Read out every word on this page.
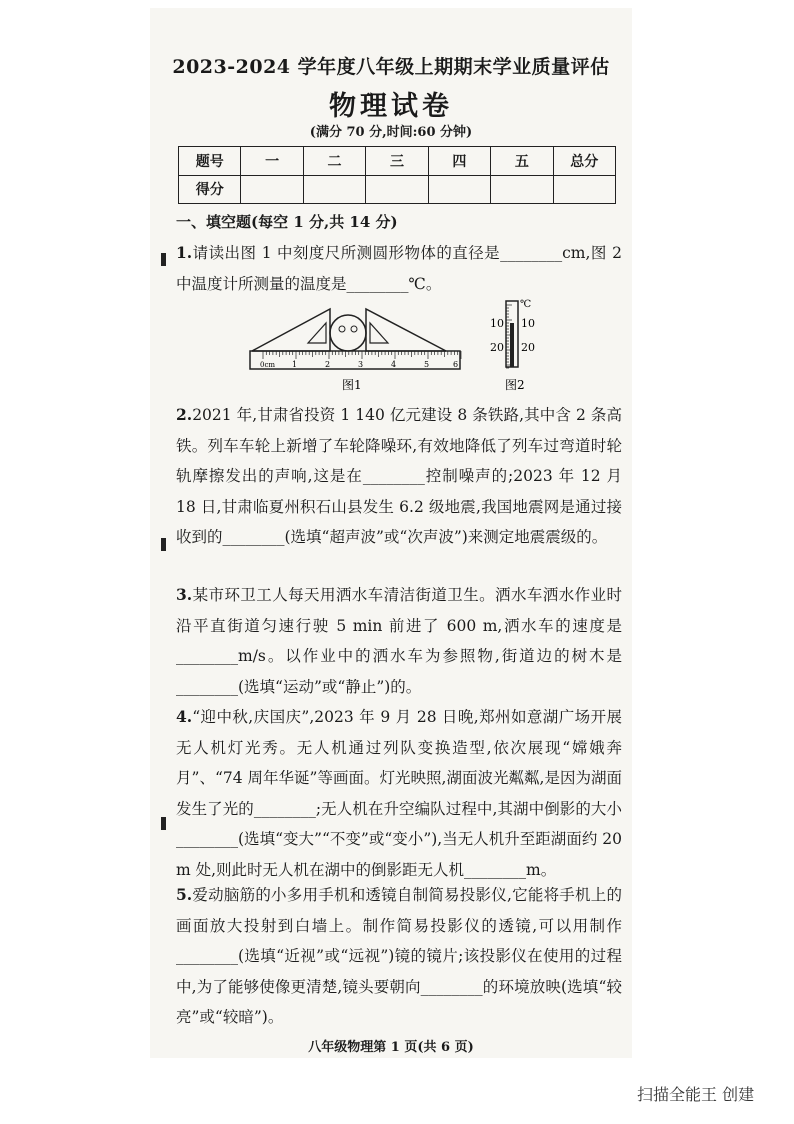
2023-2024 学年度八年级上期期末学业质量评估
物理试卷
(满分 70 分,时间:60 分钟)
题号	一	二	三	四	五	总分
得分						
一、填空题(每空 1 分,共 14 分)
1.请读出图 1 中刻度尺所测圆形物体的直径是________cm,图 2 中温度计所测量的温度是________℃。
0cm 1	2	3	4	5	6
图1
℃
10
20
10
20
图2
2.2021 年,甘肃省投资 1 140 亿元建设 8 条铁路,其中含 2 条高铁。列车车轮上新增了车轮降噪环,有效地降低了列车过弯道时轮轨摩擦发出的声响,这是在________控制噪声的;2023 年 12 月 18 日,甘肃临夏州积石山县发生 6.2 级地震,我国地震网是通过接收到的________(选填“超声波”或“次声波”)来测定地震震级的。
3.某市环卫工人每天用洒水车清洁街道卫生。洒水车洒水作业时沿平直街道匀速行驶 5 min 前进了 600 m,洒水车的速度是________m/s。以作业中的洒水车为参照物,街道边的树木是________(选填“运动”或“静止”)的。
4.“迎中秋,庆国庆”,2023 年 9 月 28 日晚,郑州如意湖广场开展无人机灯光秀。无人机通过列队变换造型,依次展现“嫦娥奔月”、“74 周年华诞”等画面。灯光映照,湖面波光粼粼,是因为湖面发生了光的________;无人机在升空编队过程中,其湖中倒影的大小________(选填“变大”“不变”或“变小”),当无人机升至距湖面约 20 m 处,则此时无人机在湖中的倒影距无人机________m。
5.爱动脑筋的小多用手机和透镜自制简易投影仪,它能将手机上的画面放大投射到白墙上。制作简易投影仪的透镜,可以用制作________(选填“近视”或“远视”)镜的镜片;该投影仪在使用的过程中,为了能够使像更清楚,镜头要朝向________的环境放映(选填“较亮”或“较暗”)。
八年级物理第 1 页(共 6 页)
扫描全能王 创建
